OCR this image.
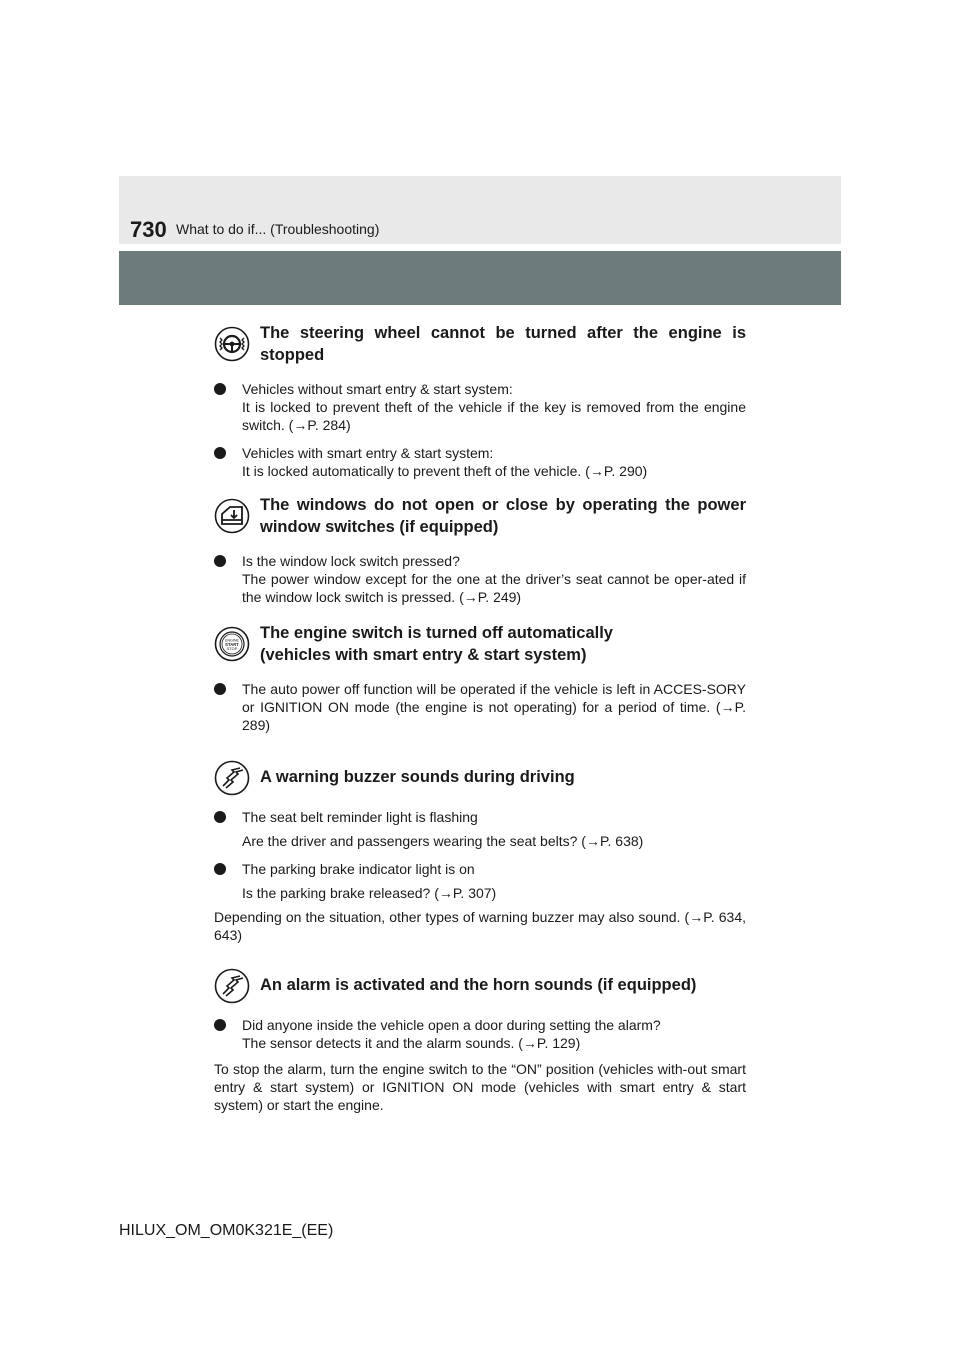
730 What to do if... (Troubleshooting)
The steering wheel cannot be turned after the engine is stopped
Vehicles without smart entry & start system:
It is locked to prevent theft of the vehicle if the key is removed from the engine switch. (→P. 284)
Vehicles with smart entry & start system:
It is locked automatically to prevent theft of the vehicle. (→P. 290)
The windows do not open or close by operating the power window switches (if equipped)
Is the window lock switch pressed?
The power window except for the one at the driver’s seat cannot be oper-ated if the window lock switch is pressed. (→P. 249)
ENGINE
START
STOP
The engine switch is turned off automatically
(vehicles with smart entry & start system)
The auto power off function will be operated if the vehicle is left in ACCES-SORY or IGNITION ON mode (the engine is not operating) for a period of time. (→P. 289)
A warning buzzer sounds during driving
The seat belt reminder light is flashing
Are the driver and passengers wearing the seat belts? (→P. 638)
The parking brake indicator light is on
Is the parking brake released? (→P. 307)
Depending on the situation, other types of warning buzzer may also sound. (→P. 634, 643)
An alarm is activated and the horn sounds (if equipped)
Did anyone inside the vehicle open a door during setting the alarm?
The sensor detects it and the alarm sounds. (→P. 129)
To stop the alarm, turn the engine switch to the “ON” position (vehicles with-out smart entry & start system) or IGNITION ON mode (vehicles with smart entry & start system) or start the engine.
HILUX_OM_OM0K321E_(EE)
